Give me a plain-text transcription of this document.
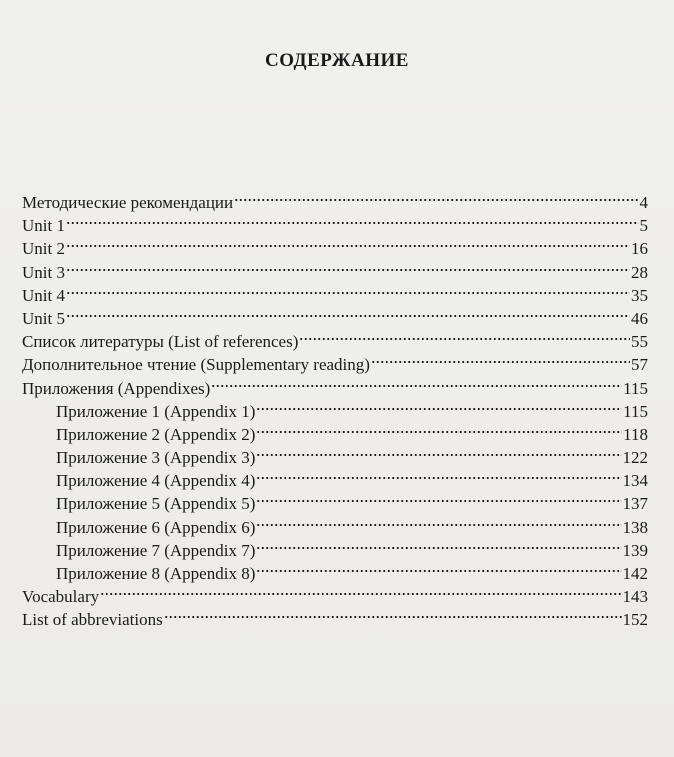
СОДЕРЖАНИЕ
Методические рекомендации	4
Unit 1	5
Unit 2	16
Unit 3	28
Unit 4	35
Unit 5	46
Список литературы (List of references)	55
Дополнительное чтение (Supplementary reading)	57
Приложения (Appendixes)	115
Приложение 1 (Appendix 1)	115
Приложение 2 (Appendix 2)	118
Приложение 3 (Appendix 3)	122
Приложение 4 (Appendix 4)	134
Приложение 5 (Appendix 5)	137
Приложение 6 (Appendix 6)	138
Приложение 7 (Appendix 7)	139
Приложение 8 (Appendix 8)	142
Vocabulary	143
List of abbreviations	152
